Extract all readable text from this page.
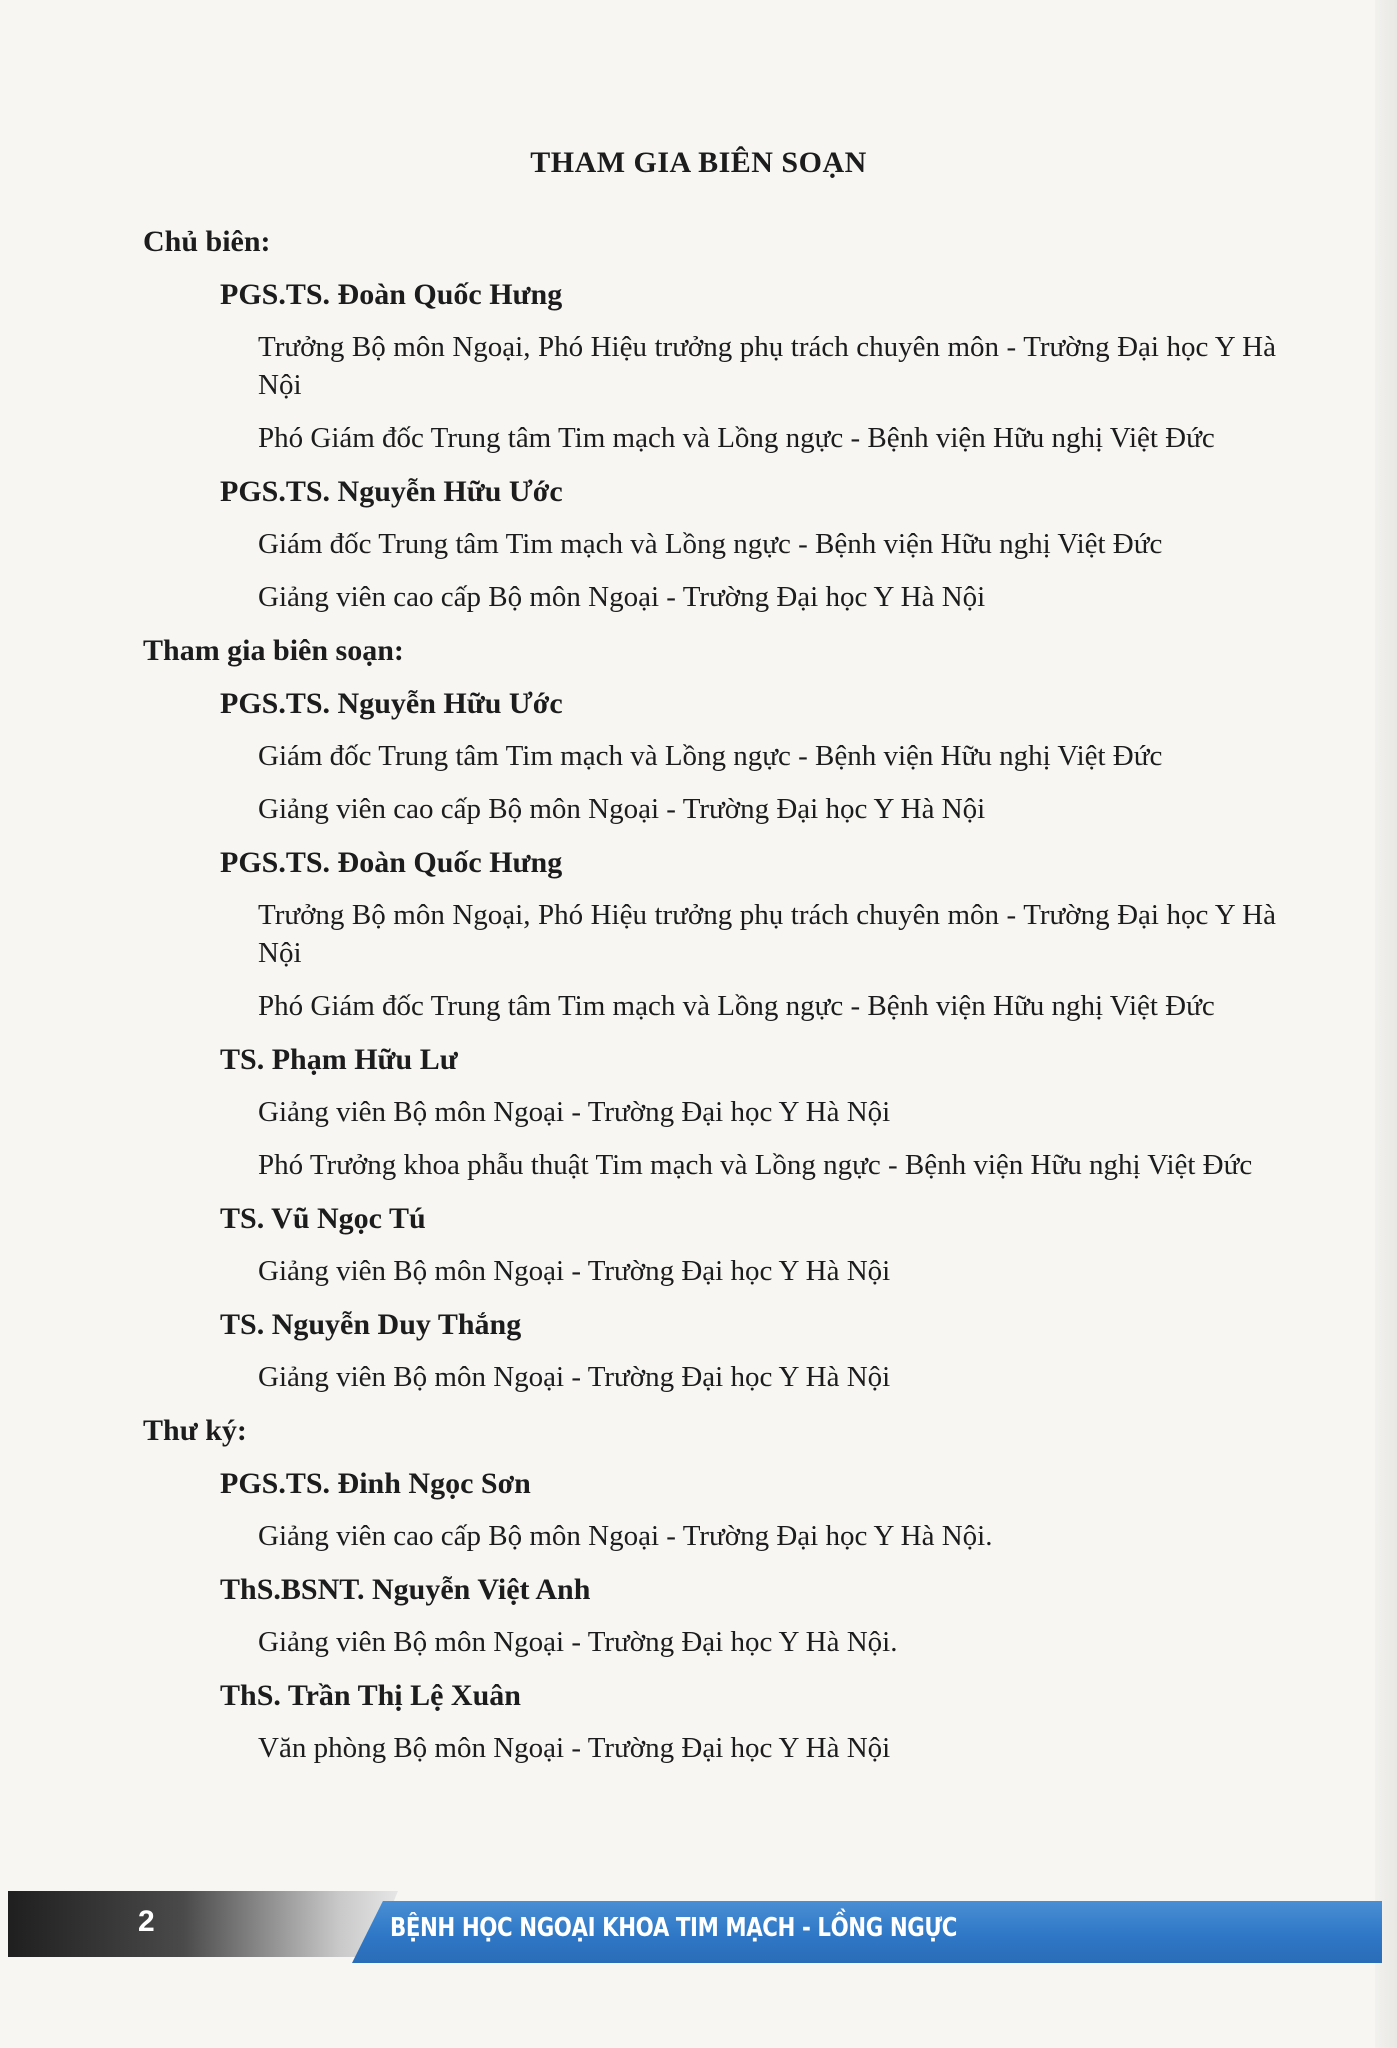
THAM GIA BIÊN SOẠN
Chủ biên:
PGS.TS. Đoàn Quốc Hưng
Trưởng Bộ môn Ngoại, Phó Hiệu trưởng phụ trách chuyên môn - Trường Đại học Y Hà Nội
Phó Giám đốc Trung tâm Tim mạch và Lồng ngực - Bệnh viện Hữu nghị Việt Đức
PGS.TS. Nguyễn Hữu Ước
Giám đốc Trung tâm Tim mạch và Lồng ngực - Bệnh viện Hữu nghị Việt Đức
Giảng viên cao cấp Bộ môn Ngoại - Trường Đại học Y Hà Nội
Tham gia biên soạn:
PGS.TS. Nguyễn Hữu Ước
Giám đốc Trung tâm Tim mạch và Lồng ngực - Bệnh viện Hữu nghị Việt Đức
Giảng viên cao cấp Bộ môn Ngoại - Trường Đại học Y Hà Nội
PGS.TS. Đoàn Quốc Hưng
Trưởng Bộ môn Ngoại, Phó Hiệu trưởng phụ trách chuyên môn - Trường Đại học Y Hà Nội
Phó Giám đốc Trung tâm Tim mạch và Lồng ngực - Bệnh viện Hữu nghị Việt Đức
TS. Phạm Hữu Lư
Giảng viên Bộ môn Ngoại - Trường Đại học Y Hà Nội
Phó Trưởng khoa phẫu thuật Tim mạch và Lồng ngực - Bệnh viện Hữu nghị Việt Đức
TS. Vũ Ngọc Tú
Giảng viên Bộ môn Ngoại - Trường Đại học Y Hà Nội
TS. Nguyễn Duy Thắng
Giảng viên Bộ môn Ngoại - Trường Đại học Y Hà Nội
Thư ký:
PGS.TS. Đinh Ngọc Sơn
Giảng viên cao cấp Bộ môn Ngoại - Trường Đại học Y Hà Nội.
ThS.BSNT. Nguyễn Việt Anh
Giảng viên Bộ môn Ngoại - Trường Đại học Y Hà Nội.
ThS. Trần Thị Lệ Xuân
Văn phòng Bộ môn Ngoại - Trường Đại học Y Hà Nội
2	BỆNH HỌC NGOẠI KHOA TIM MẠCH - LỒNG NGỰC
